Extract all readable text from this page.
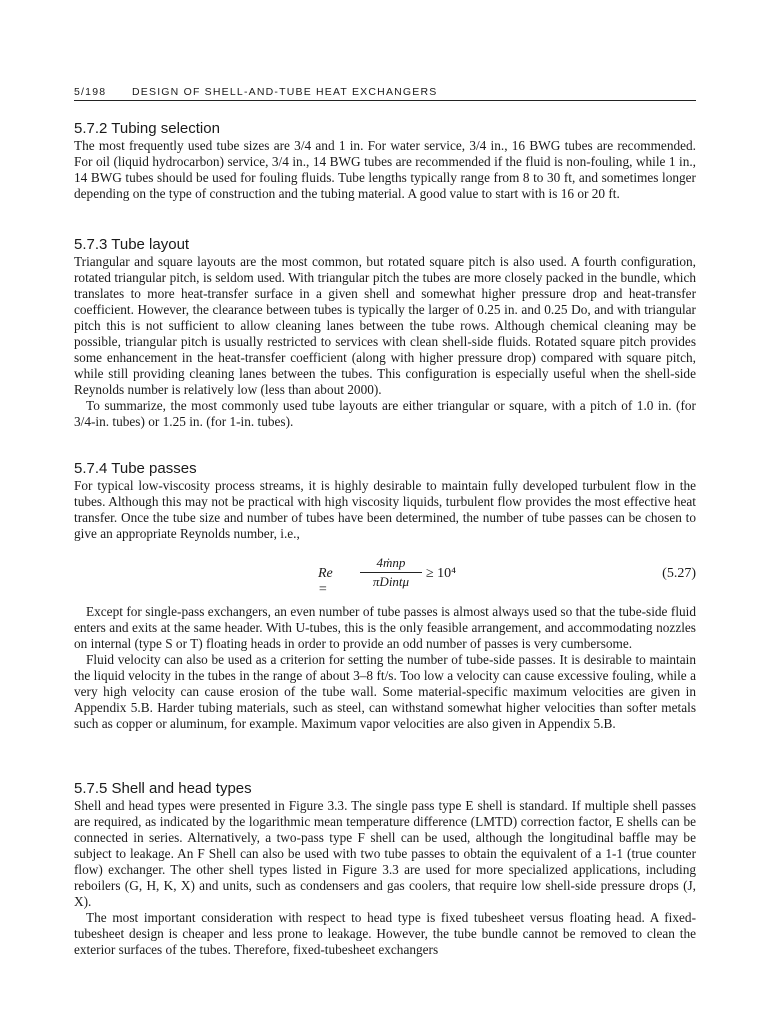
5/198 DESIGN OF SHELL-AND-TUBE HEAT EXCHANGERS
5.7.2 Tubing selection

The most frequently used tube sizes are 3/4 and 1 in. For water service, 3/4 in., 16 BWG tubes are recommended. For oil (liquid hydrocarbon) service, 3/4 in., 14 BWG tubes are recommended if the fluid is non-fouling, while 1 in., 14 BWG tubes should be used for fouling fluids. Tube lengths typically range from 8 to 30 ft, and sometimes longer depending on the type of construction and the tubing material. A good value to start with is 16 or 20 ft.

5.7.3 Tube layout

Triangular and square layouts are the most common, but rotated square pitch is also used. A fourth configuration, rotated triangular pitch, is seldom used. With triangular pitch the tubes are more closely packed in the bundle, which translates to more heat-transfer surface in a given shell and somewhat higher pressure drop and heat-transfer coefficient. However, the clearance between tubes is typically the larger of 0.25 in. and 0.25 Do, and with triangular pitch this is not sufficient to allow cleaning lanes between the tube rows. Although chemical cleaning may be possible, triangular pitch is usually restricted to services with clean shell-side fluids. Rotated square pitch provides some enhancement in the heat-transfer coefficient (along with higher pressure drop) compared with square pitch, while still providing cleaning lanes between the tubes. This configuration is especially useful when the shell-side Reynolds number is relatively low (less than about 2000).

To summarize, the most commonly used tube layouts are either triangular or square, with a pitch of 1.0 in. (for 3/4-in. tubes) or 1.25 in. (for 1-in. tubes).

5.7.4 Tube passes

For typical low-viscosity process streams, it is highly desirable to maintain fully developed turbulent flow in the tubes. Although this may not be practical with high viscosity liquids, turbulent flow provides the most effective heat transfer. Once the tube size and number of tubes have been determined, the number of tube passes can be chosen to give an appropriate Reynolds number, i.e.,

Re =
4ṁnp
πDintμ
≥ 10⁴	(5.27)

Except for single-pass exchangers, an even number of tube passes is almost always used so that the tube-side fluid enters and exits at the same header. With U-tubes, this is the only feasible arrangement, and accommodating nozzles on internal (type S or T) floating heads in order to provide an odd number of passes is very cumbersome.

Fluid velocity can also be used as a criterion for setting the number of tube-side passes. It is desirable to maintain the liquid velocity in the tubes in the range of about 3–8 ft/s. Too low a velocity can cause excessive fouling, while a very high velocity can cause erosion of the tube wall. Some material-specific maximum velocities are given in Appendix 5.B. Harder tubing materials, such as steel, can withstand somewhat higher velocities than softer metals such as copper or aluminum, for example. Maximum vapor velocities are also given in Appendix 5.B.

5.7.5 Shell and head types

Shell and head types were presented in Figure 3.3. The single pass type E shell is standard. If multiple shell passes are required, as indicated by the logarithmic mean temperature difference (LMTD) correction factor, E shells can be connected in series. Alternatively, a two-pass type F shell can be used, although the longitudinal baffle may be subject to leakage. An F Shell can also be used with two tube passes to obtain the equivalent of a 1-1 (true counter flow) exchanger. The other shell types listed in Figure 3.3 are used for more specialized applications, including reboilers (G, H, K, X) and units, such as condensers and gas coolers, that require low shell-side pressure drops (J, X).

The most important consideration with respect to head type is fixed tubesheet versus floating head. A fixed-tubesheet design is cheaper and less prone to leakage. However, the tube bundle cannot be removed to clean the exterior surfaces of the tubes. Therefore, fixed-tubesheet exchangers
